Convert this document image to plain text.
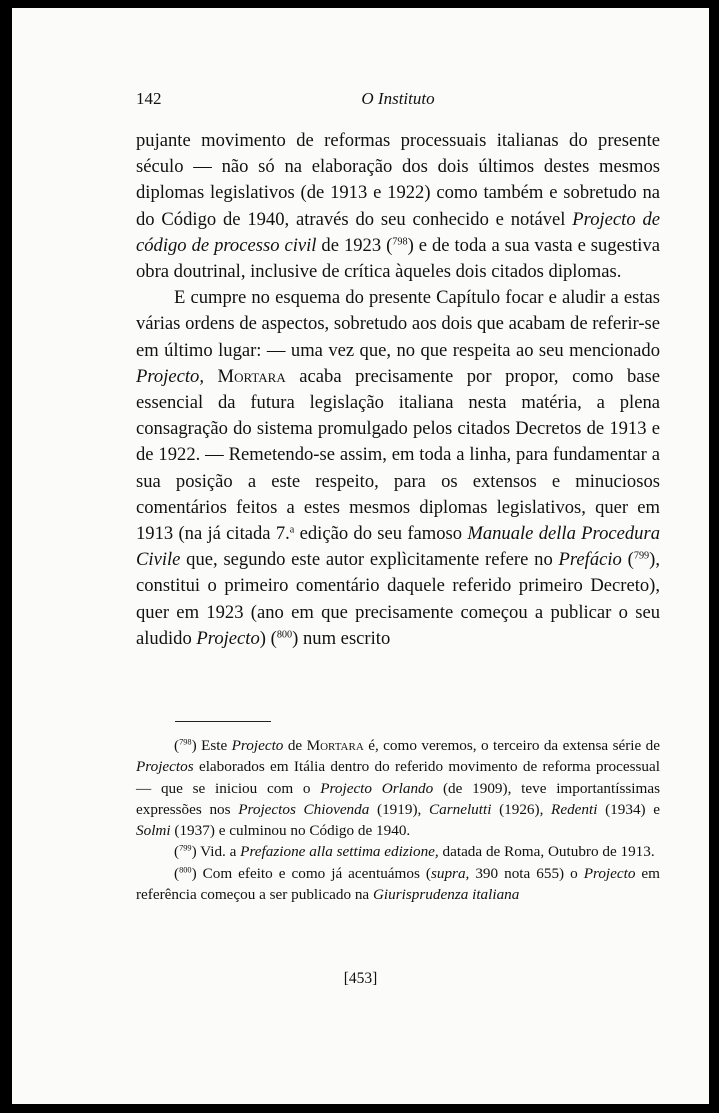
142	O Instituto

pujante movimento de reformas processuais italianas do presente século — não só na elaboração dos dois últimos destes mesmos diplomas legislativos (de 1913 e 1922) como também e sobretudo na do Código de 1940, através do seu conhecido e notável Projecto de código de processo civil de 1923 ($^{798}$) e de toda a sua vasta e sugestiva obra doutrinal, inclusive de crítica àqueles dois citados diplomas.

E cumpre no esquema do presente Capítulo focar e aludir a estas várias ordens de aspectos, sobretudo aos dois que acabam de referir-se em último lugar: — uma vez que, no que respeita ao seu mencionado Projecto, Mortara acaba precisamente por propor, como base essencial da futura legislação italiana nesta matéria, a plena consagração do sistema promulgado pelos citados Decretos de 1913 e de 1922. — Remetendo-se assim, em toda a linha, para fundamentar a sua posição a este respeito, para os extensos e minuciosos comentários feitos a estes mesmos diplomas legislativos, quer em 1913 (na já citada 7.$^a$ edição do seu famoso Manuale della Procedura Civile que, segundo este autor explìcitamente refere no Prefácio ($^{799}$), constitui o primeiro comentário daquele referido primeiro Decreto), quer em 1923 (ano em que precisamente começou a publicar o seu aludido Projecto) ($^{800}$) num escrito

($^{798}$) Este Projecto de Mortara é, como veremos, o terceiro da extensa série de Projectos elaborados em Itália dentro do referido movimento de reforma processual — que se iniciou com o Projecto Orlando (de 1909), teve importantíssimas expressões nos Projectos Chiovenda (1919), Carnelutti (1926), Redenti (1934) e Solmi (1937) e culminou no Código de 1940.

($^{799}$) Vid. a Prefazione alla settima edizione, datada de Roma, Outubro de 1913.

($^{800}$) Com efeito e como já acentuámos (supra, 390 nota 655) o Projecto em referência começou a ser publicado na Giurisprudenza italiana

[453]
